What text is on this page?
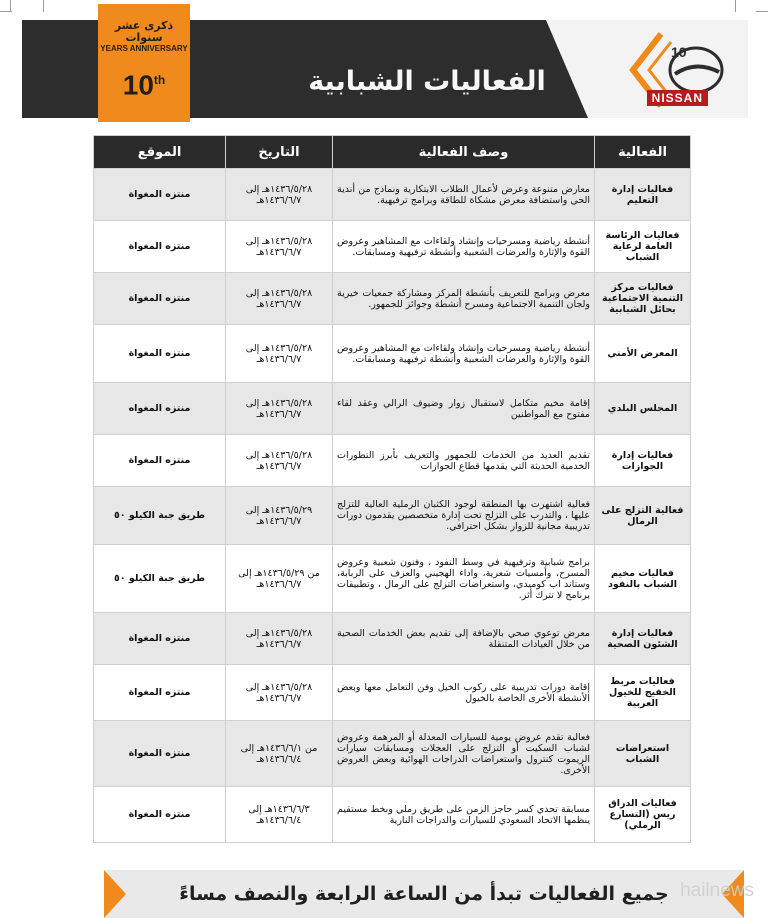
الفعاليات الشبابية
10
NISSAN
ذكرى عشر سنوات
YEARS ANNIVERSARY
10th
الفعالية	وصف الفعالية	التاريخ	الموقع
فعاليات إدارة التعليم	معارض متنوعة وعرض لأعمال الطلاب الابتكارية ونماذج من أندية الحي واستضافة معرض مشكاة للطاقة وبرامج ترفيهية.	١٤٣٦/٥/٢٨هـ إلى ١٤٣٦/٦/٧هـ	منتزه المغواة
فعاليات الرئاسة العامة لرعاية الشباب	أنشطة رياضية ومسرحيات وإنشاد ولقاءات مع المشاهير وعروض القوة والإثارة والعرضات الشعبية وأنشطة ترفيهية ومسابقات.	١٤٣٦/٥/٢٨هـ إلى ١٤٣٦/٦/٧هـ	منتزه المغواة
فعاليات مركز التنمية الاجتماعية بحائل الشبابية	معرض وبرامج للتعريف بأنشطة المركز ومشاركة جمعيات خيرية ولجان التنمية الاجتماعية ومسرح أنشطة وجوائز للجمهور.	١٤٣٦/٥/٢٨هـ إلى ١٤٣٦/٦/٧هـ	منتزه المغواة
المعرض الأمني	أنشطة رياضية ومسرحيات وإنشاد ولقاءات مع المشاهير وعروض القوة والإثارة والعرضات الشعبية وأنشطة ترفيهية ومسابقات.	١٤٣٦/٥/٢٨هـ إلى ١٤٣٦/٦/٧هـ	منتزه المغواة
المجلس البلدي	إقامة مخيم متكامل لاستقبال زوار وضيوف الرالي وعقد لقاء مفتوح مع المواطنين	١٤٣٦/٥/٢٨هـ إلى ١٤٣٦/٦/٧هـ	منتزه المغواه
فعاليات إدارة الجوازات	تقديم العديد من الخدمات للجمهور والتعريف بأبرز التطورات الخدمية الحديثة التي يقدمها قطاع الجوازات	١٤٣٦/٥/٢٨هـ إلى ١٤٣٦/٦/٧هـ	منتزه المغواة
فعالية التزلج على الرمال	فعالية اشتهرت بها المنطقة لوجود الكثبان الرملية العالية للتزلج عليها ، والتدرب على التزلج تحت إدارة متخصصين يقدمون دورات تدريبية مجانية للزوار بشكل احترافي.	١٤٣٦/٥/٢٩هـ إلى ١٤٣٦/٦/٧هـ	طريق جبة الكيلو ٥٠
فعاليات مخيم الشباب بالنفود	برامج شبابية وترفيهية في وسط النفود ، وفنون شعبية وعروض المسرح، وأمسيات شعرية، واداء الهجيني والعزف على الربابة، وستاند اب كوميدي، واستعراضات التزلج على الرمال ، وتطبيقات برنامج لا تترك أثر.	من ١٤٣٦/٥/٢٩هـ إلى ١٤٣٦/٦/٧هـ	طريق جبة الكيلو ٥٠
فعاليات إدارة الشئون الصحية	معرض توعوي صحي بالإضافة إلى تقديم بعض الخدمات الصحية من خلال العيادات المتنقلة	١٤٣٦/٥/٢٨هـ إلى ١٤٣٦/٦/٧هـ	منتزه المغواة
فعاليات مربط الخفيج للخيول العربية	إقامة دورات تدريبية على ركوب الخيل وفن التعامل معها وبعض الأنشطة الأخرى الخاصة بالخيول	١٤٣٦/٥/٢٨هـ إلى ١٤٣٦/٦/٧هـ	منتزه المغواة
استعراضات الشباب	فعالية تقدم عروض يومية للسيارات المعدلة أو المرهمة وعروض لشباب السكيت أو التزلج على العجلات ومسابقات سيارات الريموت كنترول واستعراضات الدراجات الهوائية وبعض العروض الأخرى.	من ١٤٣٦/٦/١هـ إلى ١٤٣٦/٦/٤هـ	منتزه المغواة
فعاليات الدراق ريس (التسارع الرملي)	مسابقة تحدي كسر حاجز الزمن على طريق رملي وبخط مستقيم ينظمها الاتحاد السعودي للسيارات والدراجات النارية	١٤٣٦/٦/٣هـ إلى ١٤٣٦/٦/٤هـ	منتزه المغواة
جميع الفعاليات تبدأ من الساعة الرابعة والنصف مساءً hailnews
